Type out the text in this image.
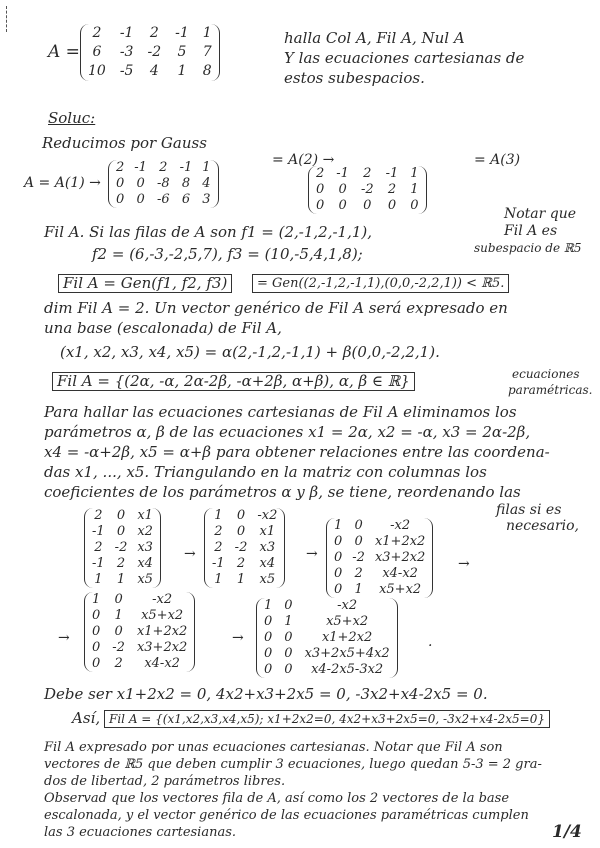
A =
2	-1	2	-1 1
6	-3 -2	5	7
10 -5	4	1	8
halla Col A, Fil A, Nul A
Y las ecuaciones cartesianas de
estos subespacios.
Soluc:
Reducimos por Gauss
A = A(1) →
2 -1 2 -1 1
0 0 -8 8 4
0 0 -6 6 3
= A(2) →
2 -1	2	-1 1
0	0	-2	2	1
0	0	0	0	0
= A(3)
Fil A. Si las filas de A son f1 = (2,-1,2,-1,1),
f2 = (6,-3,-2,5,7), f3 = (10,-5,4,1,8);
Notar que
Fil A es
subespacio de ℝ5
Fil A = Gen(f1, f2, f3)	= Gen((2,-1,2,-1,1),(0,0,-2,2,1)) < ℝ5.
dim Fil A = 2. Un vector genérico de Fil A será expresado en
una base (escalonada) de Fil A,
(x1, x2, x3, x4, x5) = α(2,-1,2,-1,1) + β(0,0,-2,2,1).
Fil A = {(2α, -α, 2α-2β, -α+2β, α+β), α, β ∈ ℝ}	ecuaciones
paramétricas.
Para hallar las ecuaciones cartesianas de Fil A eliminamos los
parámetros α, β de las ecuaciones x1 = 2α, x2 = -α, x3 = 2α-2β,
x4 = -α+2β, x5 = α+β para obtener relaciones entre las coordena-
das x1, ..., x5. Triangulando en la matriz con columnas los
coeficientes de los parámetros α y β, se tiene, reordenando las
filas si es
necesario,
2	0 x1
-1 0 x2
2 -2 x3
-1 2 x4
1	1 x5
→
1	0 -x2
2	0	x1
2 -2 x3
-1 2	x4
1	1	x5
→
1 0	-x2
0 0 x1+2x2
0 -2 x3+2x2
0 2	x4-x2
0 1	x5+x2
→
→
1	0	-x2
0	1	x5+x2
0	0	x1+2x2
0 -2 x3+2x2
0	2	x4-x2
→
1 0	-x2
0 1	x5+x2
0 0	x1+2x2
0 0 x3+2x5+4x2
0 0	x4-2x5-3x2
.
Debe ser x1+2x2 = 0, 4x2+x3+2x5 = 0, -3x2+x4-2x5 = 0.
Así, Fil A = {(x1,x2,x3,x4,x5); x1+2x2=0, 4x2+x3+2x5=0, -3x2+x4-2x5=0}
Fil A expresado por unas ecuaciones cartesianas. Notar que Fil A son
vectores de ℝ5 que deben cumplir 3 ecuaciones, luego quedan 5-3 = 2 gra-
dos de libertad, 2 parámetros libres.
Observad que los vectores fila de A, así como los 2 vectores de la base
escalonada, y el vector genérico de las ecuaciones paramétricas cumplen
las 3 ecuaciones cartesianas.	1/4
